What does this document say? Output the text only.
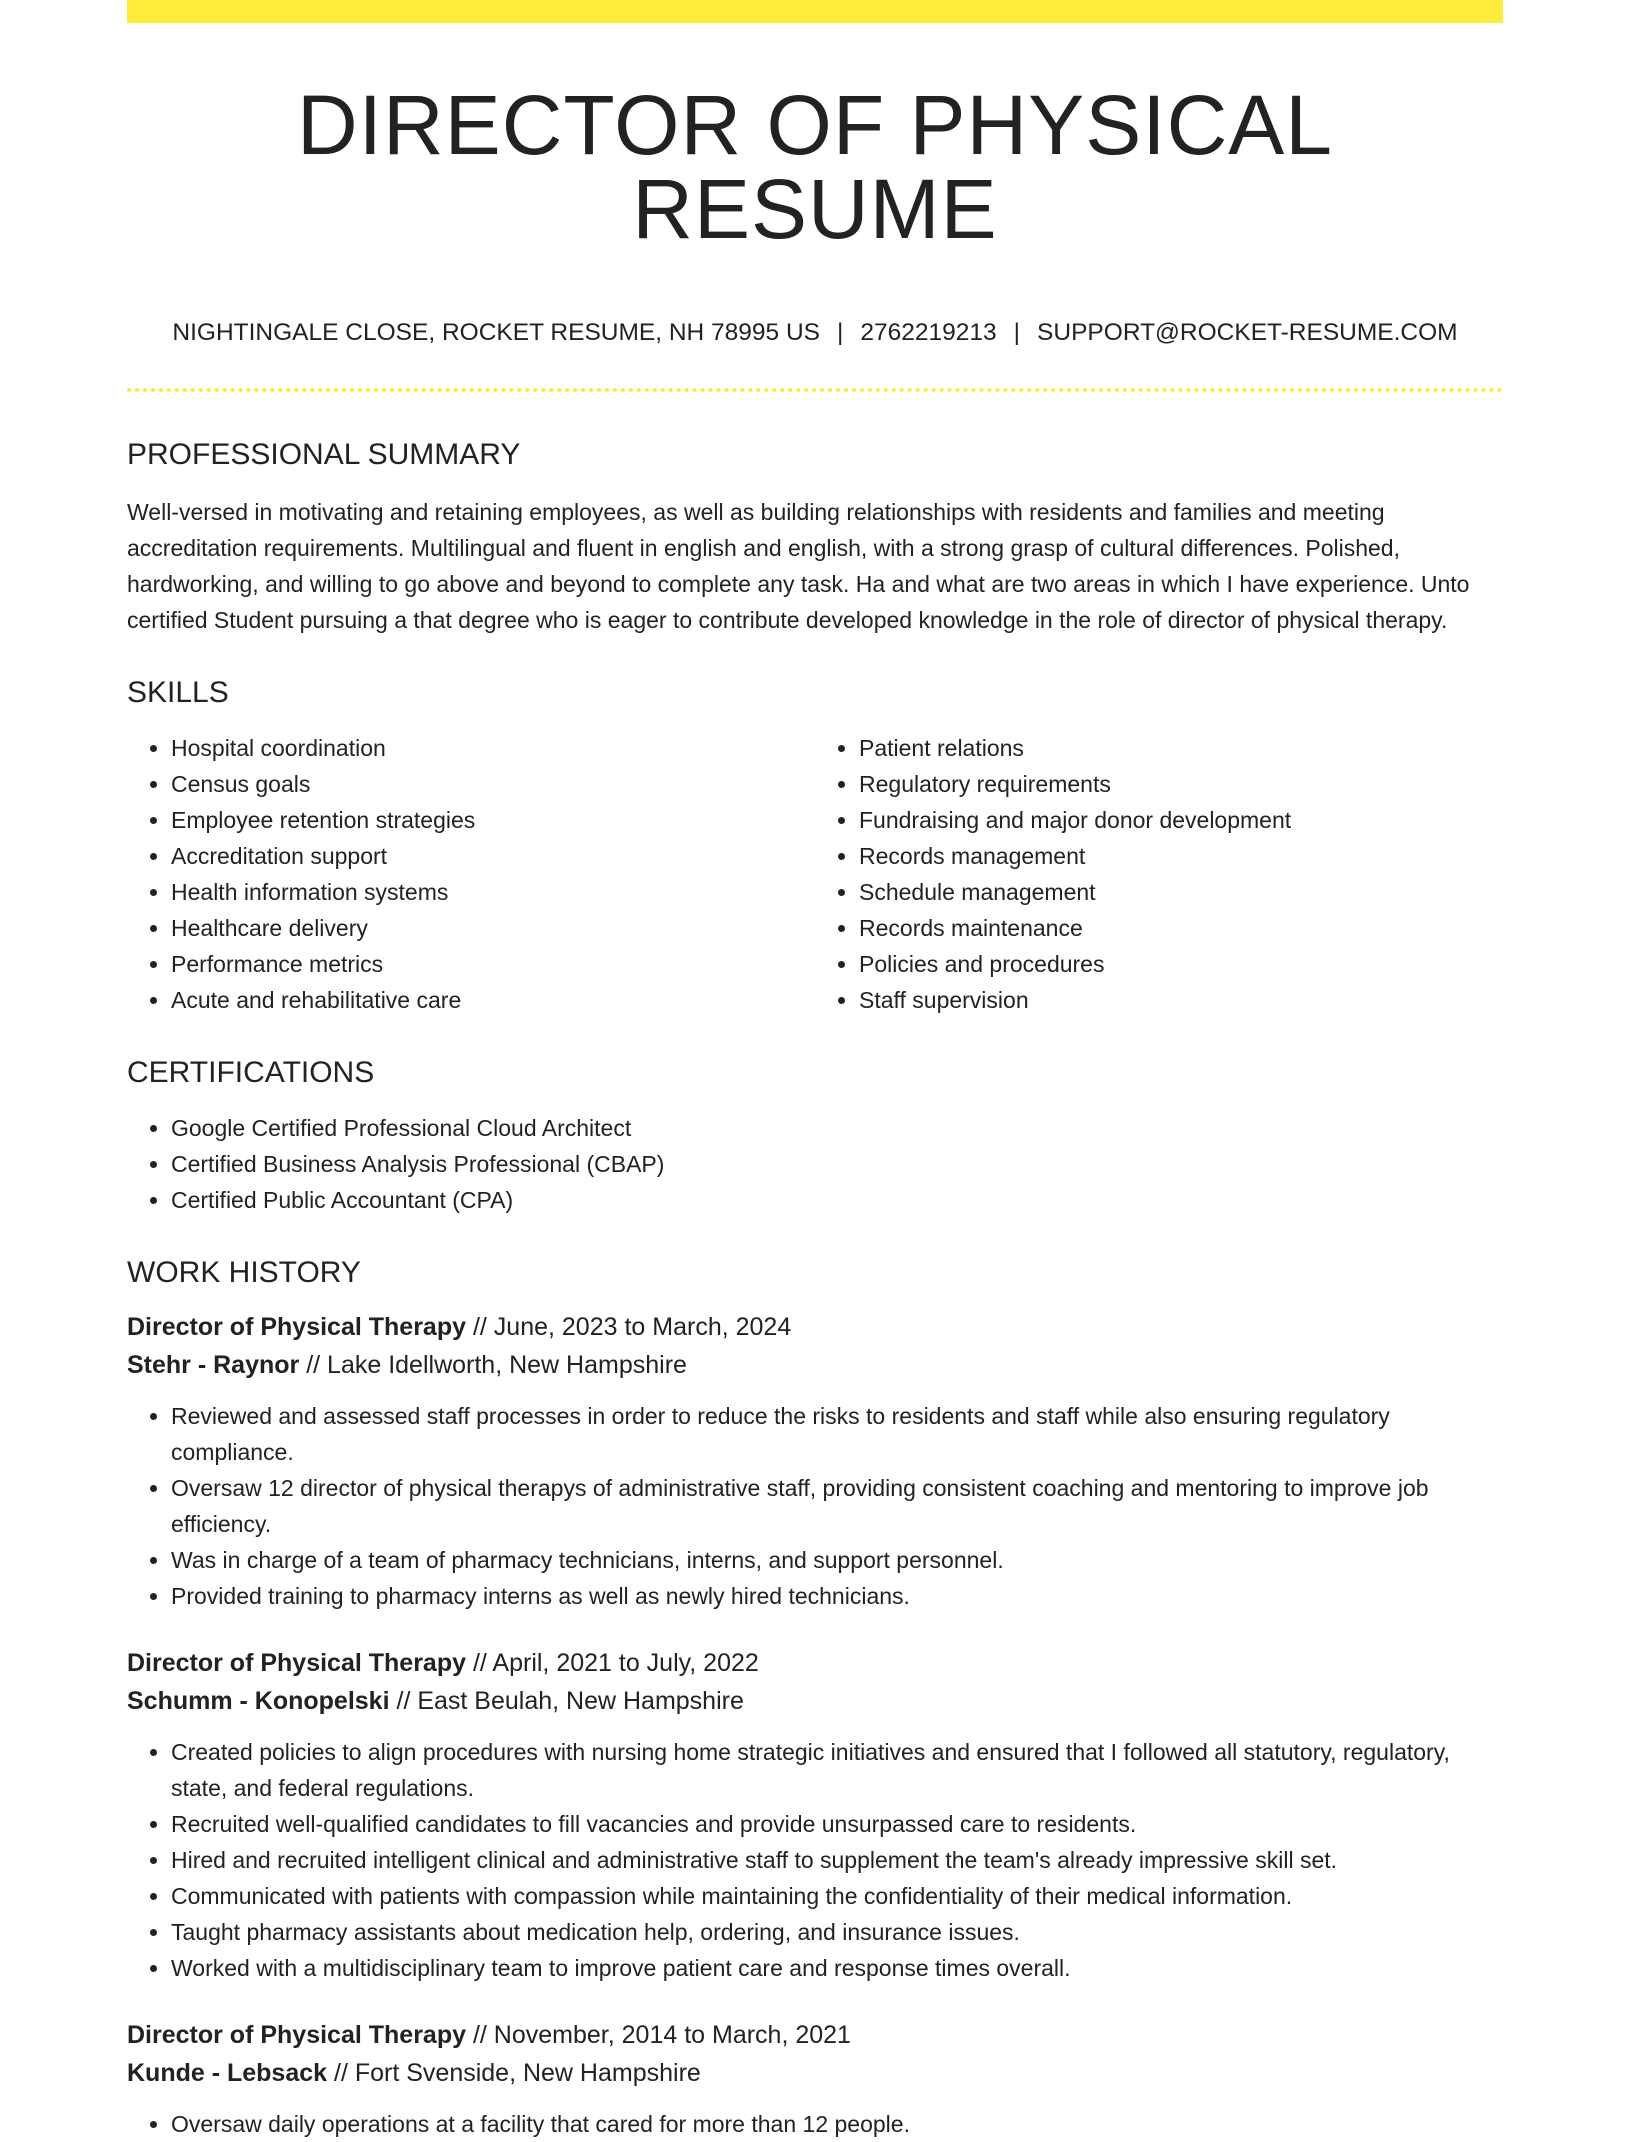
DIRECTOR OF PHYSICAL RESUME
NIGHTINGALE CLOSE, ROCKET RESUME, NH 78995 US | 2762219213 | SUPPORT@ROCKET-RESUME.COM
PROFESSIONAL SUMMARY

Well-versed in motivating and retaining employees, as well as building relationships with residents and families and meeting accreditation requirements. Multilingual and fluent in english and english, with a strong grasp of cultural differences. Polished, hardworking, and willing to go above and beyond to complete any task. Ha and what are two areas in which I have experience. Unto certified Student pursuing a that degree who is eager to contribute developed knowledge in the role of director of physical therapy.

SKILLS
• Hospital coordination
• Census goals
• Employee retention strategies
• Accreditation support
• Health information systems
• Healthcare delivery
• Performance metrics
• Acute and rehabilitative care
• Patient relations
• Regulatory requirements
• Fundraising and major donor development
• Records management
• Schedule management
• Records maintenance
• Policies and procedures
• Staff supervision
CERTIFICATIONS
• Google Certified Professional Cloud Architect
• Certified Business Analysis Professional (CBAP)
• Certified Public Accountant (CPA)
WORK HISTORY
Director of Physical Therapy // June, 2023 to March, 2024
Stehr - Raynor // Lake Idellworth, New Hampshire
• Reviewed and assessed staff processes in order to reduce the risks to residents and staff while also ensuring regulatory compliance.
• Oversaw 12 director of physical therapys of administrative staff, providing consistent coaching and mentoring to improve job efficiency.
• Was in charge of a team of pharmacy technicians, interns, and support personnel.
• Provided training to pharmacy interns as well as newly hired technicians.
Director of Physical Therapy // April, 2021 to July, 2022
Schumm - Konopelski // East Beulah, New Hampshire
• Created policies to align procedures with nursing home strategic initiatives and ensured that I followed all statutory, regulatory, state, and federal regulations.
• Recruited well-qualified candidates to fill vacancies and provide unsurpassed care to residents.
• Hired and recruited intelligent clinical and administrative staff to supplement the team's already impressive skill set.
• Communicated with patients with compassion while maintaining the confidentiality of their medical information.
• Taught pharmacy assistants about medication help, ordering, and insurance issues.
• Worked with a multidisciplinary team to improve patient care and response times overall.
Director of Physical Therapy // November, 2014 to March, 2021
Kunde - Lebsack // Fort Svenside, New Hampshire
• Oversaw daily operations at a facility that cared for more than 12 people.
